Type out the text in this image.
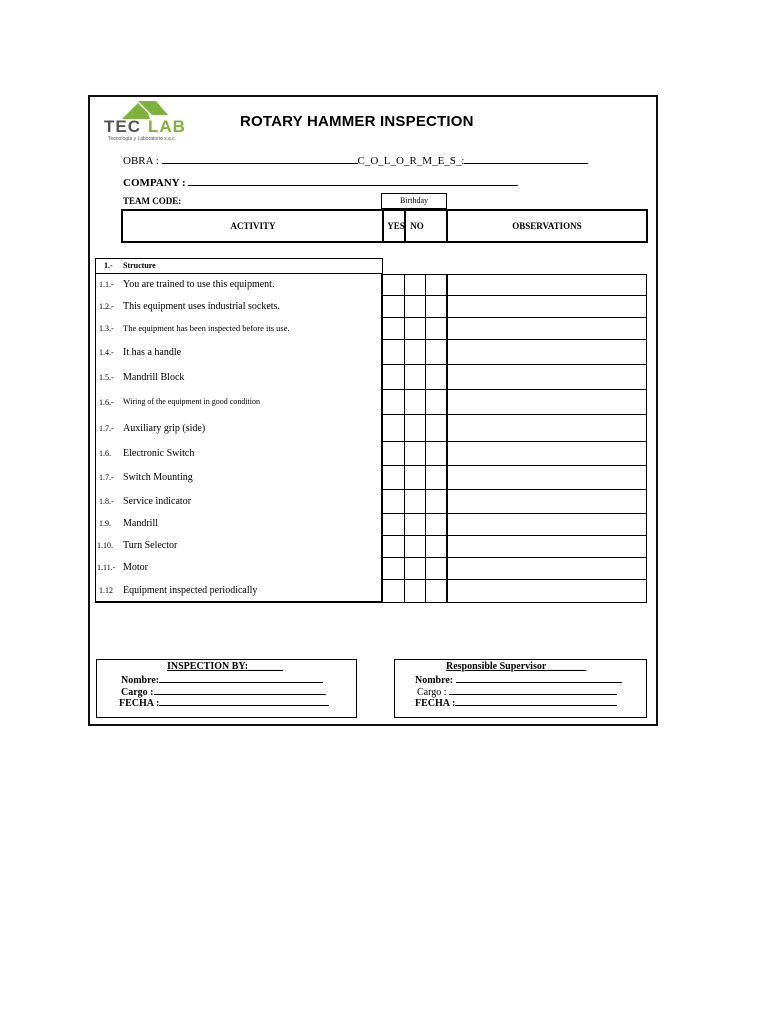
TEC LAB
Tecnología y Laboratorio s.a.c.
ROTARY HAMMER INSPECTION
OBRA :	C_O_L_O_R_M_E_S_:
COMPANY :
TEAM CODE:	Birthday
ACTIVITY	YES NO	OBSERVATIONS
1.- Structure
1.1.- You are trained to use this equipment.
1.2.- This equipment uses industrial sockets.
1.3.- The equipment has been inspected before its use.
1.4.- It has a handle
1.5.- Mandrill Block
1.6.- Wiring of the equipment in good condition
1.7.- Auxiliary grip (side)
1.6. Electronic Switch
1.7.- Switch Mounting
1.8.- Service indicator
1.9. Mandrill
1.10. Turn Selector
1.11.- Motor
1.12 Equipment inspected periodically
INSPECTION BY:_______
Nombre:
Cargo :
FECHA :
Responsible Supervisor________
Nombre:
Cargo :
FECHA :
